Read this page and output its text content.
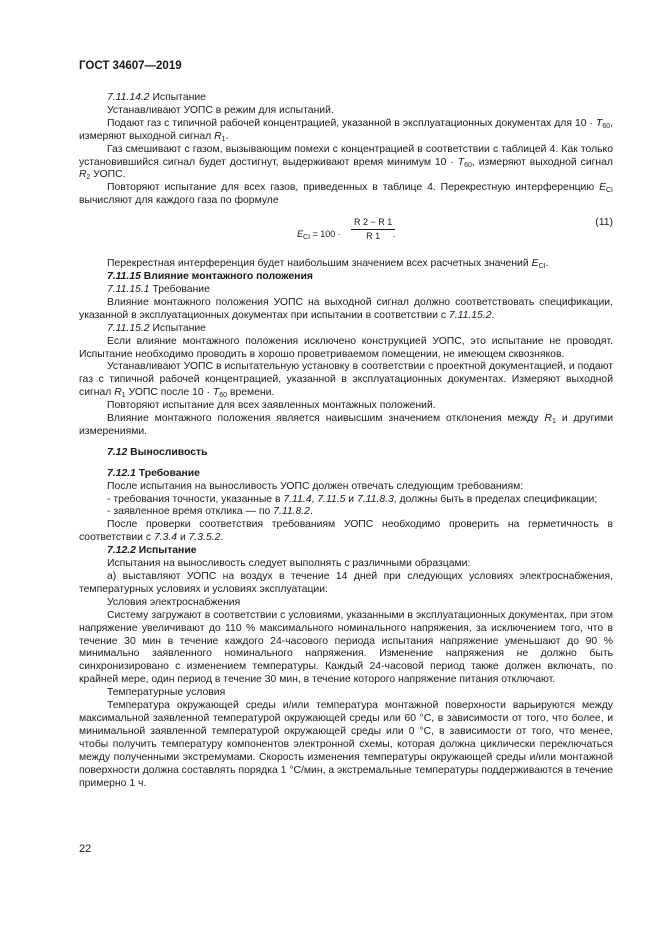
ГОСТ 34607—2019

7.11.14.2 Испытание

Устанавливают УОПС в режим для испытаний.

Подают газ с типичной рабочей концентрацией, указанной в эксплуатационных документах для $10 \cdot T_{60}$, измеряют выходной сигнал $R_1$.

Газ смешивают с газом, вызывающим помехи с концентрацией в соответствии с таблицей 4. Как только установившийся сигнал будет достигнут, выдерживают время минимум $10 \cdot T_{60}$, измеряют выходной сигнал $R_2$ УОПС.

Повторяют испытание для всех газов, приведенных в таблице 4. Перекрестную интерференцию $E_{CI}$ вычисляют для каждого газа по формуле

$E_{CI} = 100 \cdot \frac{R 2 - R 1}{R 1}$
.
(11)

Перекрестная интерференция будет наибольшим значением всех расчетных значений $E_{CI}$.

7.11.15 Влияние монтажного положения

7.11.15.1 Требование

Влияние монтажного положения УОПС на выходной сигнал должно соответствовать спецификации, указанной в эксплуатационных документах при испытании в соответствии с 7.11.15.2.

7.11.15.2 Испытание

Если влияние монтажного положения исключено конструкцией УОПС, это испытание не проводят. Испытание необходимо проводить в хорошо проветриваемом помещении, не имеющем сквозняков.

Устанавливают УОПС в испытательную установку в соответствии с проектной документацией, и подают газ с типичной рабочей концентрацией, указанной в эксплуатационных документах. Измеряют выходной сигнал $R_1$ УОПС после $10 \cdot T_{60}$ времени.

Повторяют испытание для всех заявленных монтажных положений.

Влияние монтажного положения является наивысшим значением отклонения между $R_1$ и другими измерениями.

7.12 Выносливость

7.12.1 Требование

После испытания на выносливость УОПС должен отвечать следующим требованиям:

- требования точности, указанные в 7.11.4, 7.11.5 и 7.11.8.3, должны быть в пределах спецификации;

- заявленное время отклика — по 7.11.8.2.

После проверки соответствия требованиям УОПС необходимо проверить на герметичность в соответствии с 7.3.4 и 7.3.5.2.

7.12.2 Испытание

Испытания на выносливость следует выполнять с различными образцами:

а) выставляют УОПС на воздух в течение 14 дней при следующих условиях электроснабжения, температурных условиях и условиях эксплуатации:

Условия электроснабжения

Систему загружают в соответствии с условиями, указанными в эксплуатационных документах, при этом напряжение увеличивают до 110 % максимального номинального напряжения, за исключением того, что в течение 30 мин в течение каждого 24-часового периода испытания напряжение уменьшают до 90 % минимально заявленного номинального напряжения. Изменение напряжения не должно быть синхронизировано с изменением температуры. Каждый 24-часовой период также должен включать, по крайней мере, один период в течение 30 мин, в течение которого напряжение питания отключают.

Температурные условия

Температура окружающей среды и/или температура монтажной поверхности варьируются между максимальной заявленной температурой окружающей среды или 60 °С, в зависимости от того, что более, и минимальной заявленной температурой окружающей среды или 0 °С, в зависимости от того, что менее, чтобы получить температуру компонентов электронной схемы, которая должна циклически переключаться между полученными экстремумами. Скорость изменения температуры окружающей среды и/или монтажной поверхности должна составлять порядка 1 °С/мин, а экстремальные температуры поддерживаются в течение примерно 1 ч.

22
